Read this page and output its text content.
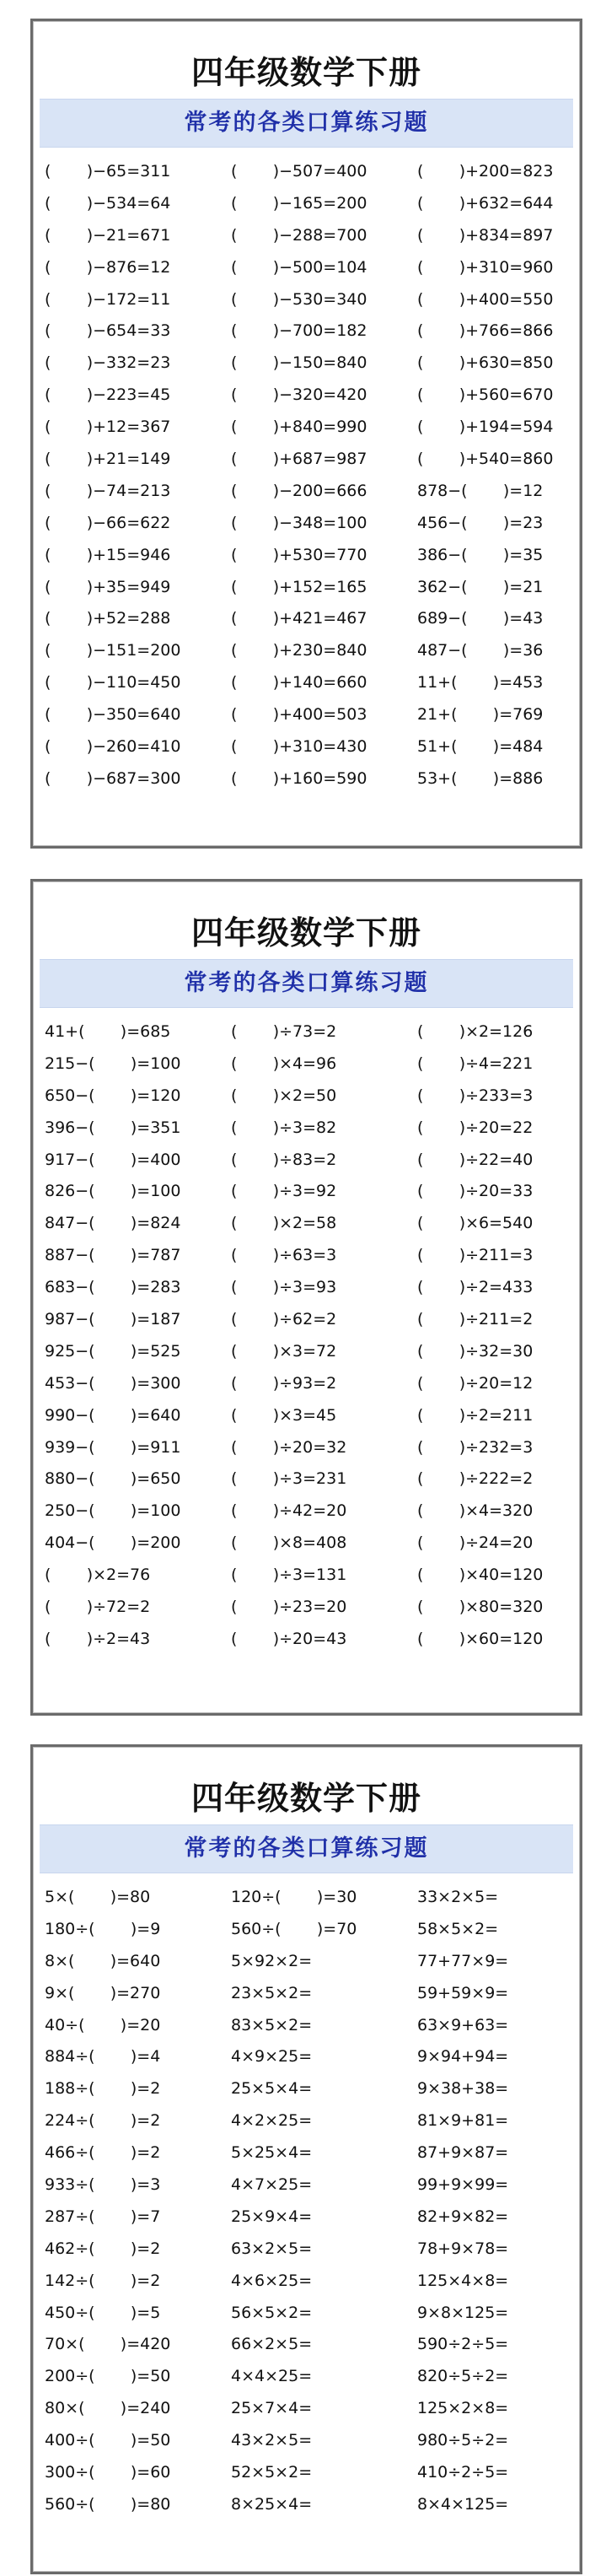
四年级数学下册
常考的各类口算练习题
(       )−65=311	(       )−507=400	(       )+200=823
(       )−534=64	(       )−165=200	(       )+632=644
(       )−21=671	(       )−288=700	(       )+834=897
(       )−876=12	(       )−500=104	(       )+310=960
(       )−172=11	(       )−530=340	(       )+400=550
(       )−654=33	(       )−700=182	(       )+766=866
(       )−332=23	(       )−150=840	(       )+630=850
(       )−223=45	(       )−320=420	(       )+560=670
(       )+12=367	(       )+840=990	(       )+194=594
(       )+21=149	(       )+687=987	(       )+540=860
(       )−74=213	(       )−200=666	878−(       )=12
(       )−66=622	(       )−348=100	456−(       )=23
(       )+15=946	(       )+530=770	386−(       )=35
(       )+35=949	(       )+152=165	362−(       )=21
(       )+52=288	(       )+421=467	689−(       )=43
(       )−151=200	(       )+230=840	487−(       )=36
(       )−110=450	(       )+140=660	11+(       )=453
(       )−350=640	(       )+400=503	21+(       )=769
(       )−260=410	(       )+310=430	51+(       )=484
(       )−687=300	(       )+160=590	53+(       )=886
四年级数学下册
常考的各类口算练习题
41+(       )=685	(       )÷73=2	(       )×2=126
215−(       )=100	(       )×4=96	(       )÷4=221
650−(       )=120	(       )×2=50	(       )÷233=3
396−(       )=351	(       )÷3=82	(       )÷20=22
917−(       )=400	(       )÷83=2	(       )÷22=40
826−(       )=100	(       )÷3=92	(       )÷20=33
847−(       )=824	(       )×2=58	(       )×6=540
887−(       )=787	(       )÷63=3	(       )÷211=3
683−(       )=283	(       )÷3=93	(       )÷2=433
987−(       )=187	(       )÷62=2	(       )÷211=2
925−(       )=525	(       )×3=72	(       )÷32=30
453−(       )=300	(       )÷93=2	(       )÷20=12
990−(       )=640	(       )×3=45	(       )÷2=211
939−(       )=911	(       )÷20=32	(       )÷232=3
880−(       )=650	(       )÷3=231	(       )÷222=2
250−(       )=100	(       )÷42=20	(       )×4=320
404−(       )=200	(       )×8=408	(       )÷24=20
(       )×2=76	(       )÷3=131	(       )×40=120
(       )÷72=2	(       )÷23=20	(       )×80=320
(       )÷2=43	(       )÷20=43	(       )×60=120
四年级数学下册
常考的各类口算练习题
5×(       )=80	120÷(       )=30	33×2×5=
180÷(       )=9	560÷(       )=70	58×5×2=
8×(       )=640	5×92×2=	77+77×9=
9×(       )=270	23×5×2=	59+59×9=
40÷(       )=20	83×5×2=	63×9+63=
884÷(       )=4	4×9×25=	9×94+94=
188÷(       )=2	25×5×4=	9×38+38=
224÷(       )=2	4×2×25=	81×9+81=
466÷(       )=2	5×25×4=	87+9×87=
933÷(       )=3	4×7×25=	99+9×99=
287÷(       )=7	25×9×4=	82+9×82=
462÷(       )=2	63×2×5=	78+9×78=
142÷(       )=2	4×6×25=	125×4×8=
450÷(       )=5	56×5×2=	9×8×125=
70×(       )=420	66×2×5=	590÷2÷5=
200÷(       )=50	4×4×25=	820÷5÷2=
80×(       )=240	25×7×4=	125×2×8=
400÷(       )=50	43×2×5=	980÷5÷2=
300÷(       )=60	52×5×2=	410÷2÷5=
560÷(       )=80	8×25×4=	8×4×125=
